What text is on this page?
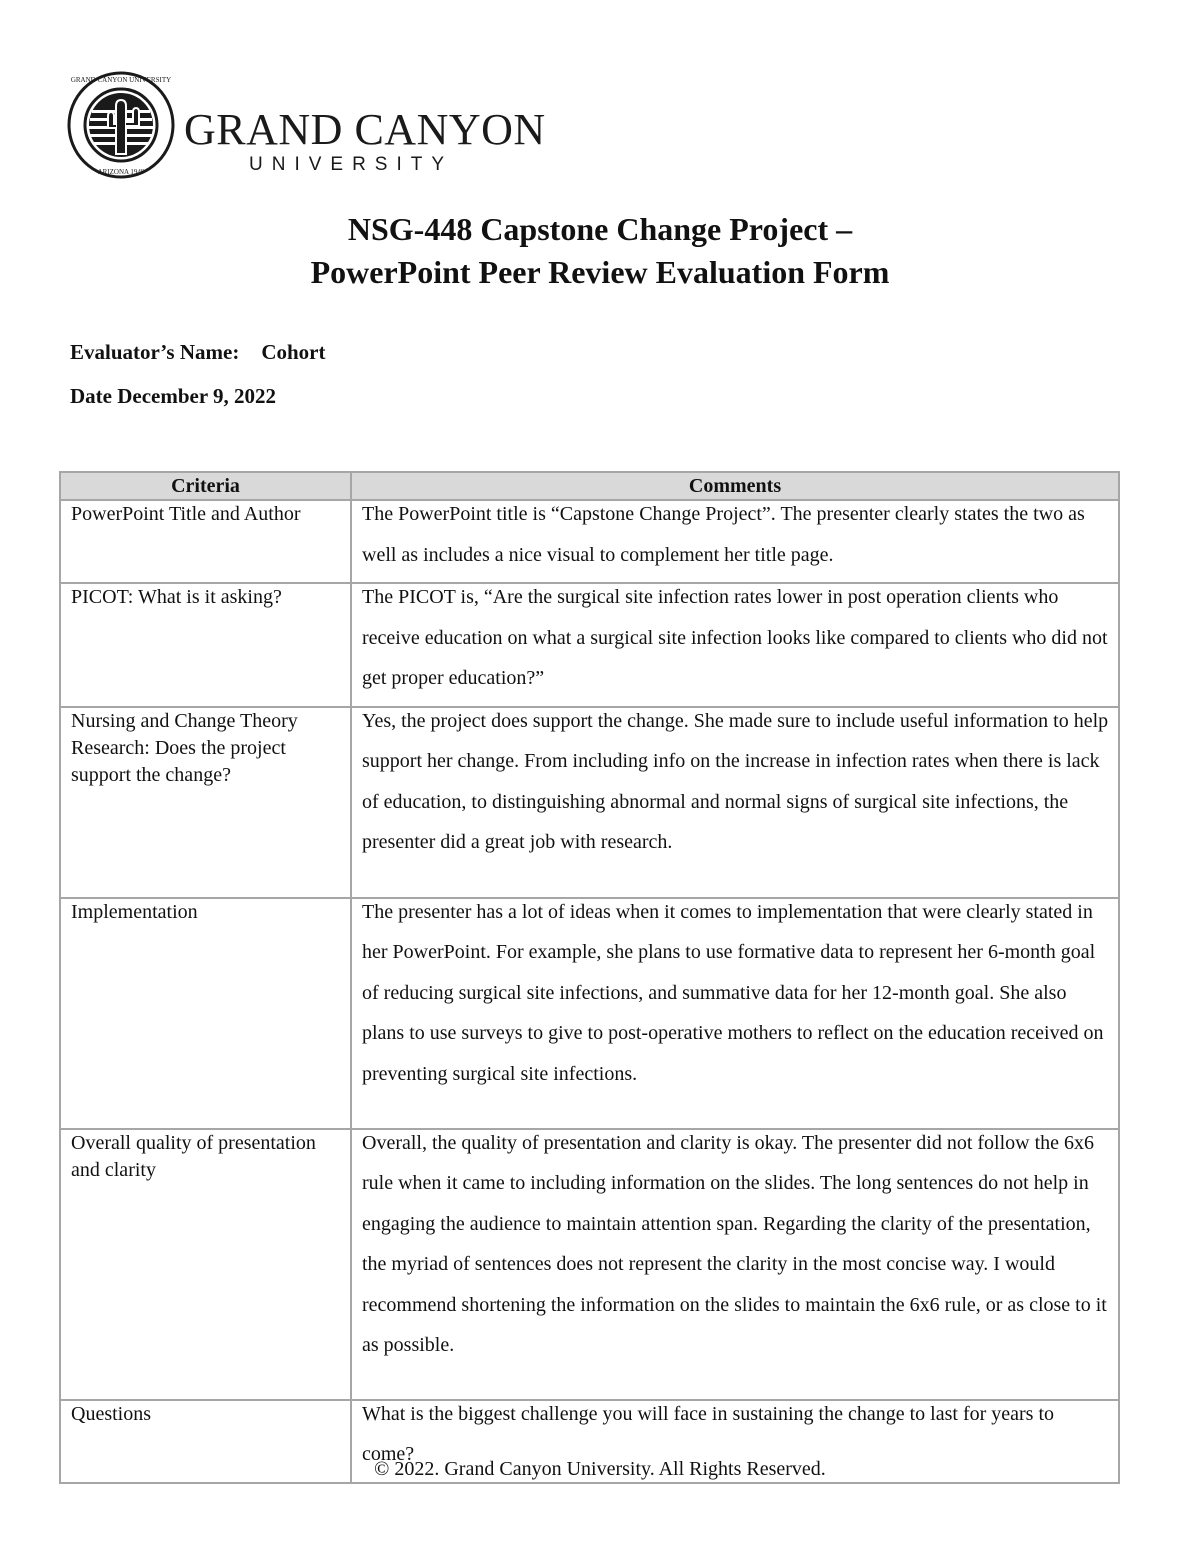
GRAND CANYON UNIVERSITY
ARIZONA 1949
GRAND CANYON
UNIVERSITY
NSG-448 Capstone Change Project –
PowerPoint Peer Review Evaluation Form
Evaluator’s Name: Cohort
Date December 9, 2022
Criteria	Comments
PowerPoint Title and Author	The PowerPoint title is “Capstone Change Project”. The presenter clearly states the two as well as includes a nice visual to complement her title page.

PICOT: What is it asking?	The PICOT is, “Are the surgical site infection rates lower in post operation clients who receive education on what a surgical site infection looks like compared to clients who did not get proper education?”

Nursing and Change Theory Research: Does the project support the change?	Yes, the project does support the change. She made sure to include useful information to help support her change. From including info on the increase in infection rates when there is lack of education, to distinguishing abnormal and normal signs of surgical site infections, the presenter did a great job with research.

Implementation	The presenter has a lot of ideas when it comes to implementation that were clearly stated in her PowerPoint. For example, she plans to use formative data to represent her 6-month goal of reducing surgical site infections, and summative data for her 12-month goal. She also plans to use surveys to give to post-operative mothers to reflect on the education received on preventing surgical site infections.

Overall quality of presentation and clarity	Overall, the quality of presentation and clarity is okay. The presenter did not follow the 6x6 rule when it came to including information on the slides. The long sentences do not help in engaging the audience to maintain attention span. Regarding the clarity of the presentation, the myriad of sentences does not represent the clarity in the most concise way. I would recommend shortening the information on the slides to maintain the 6x6 rule, or as close to it as possible.

Questions	What is the biggest challenge you will face in sustaining the change to last for years to come?
© 2022. Grand Canyon University. All Rights Reserved.
